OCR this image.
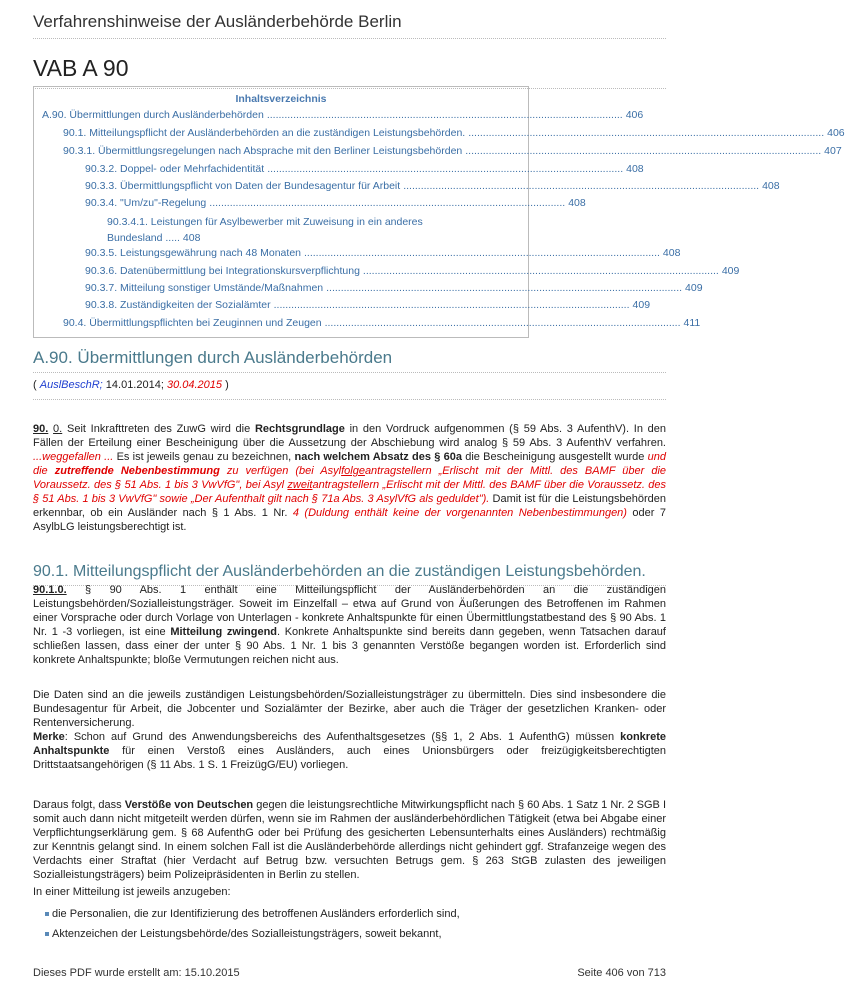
Verfahrenshinweise der Ausländerbehörde Berlin
VAB A 90
Inhaltsverzeichnis
A.90. Übermittlungen durch Ausländerbehörden .......................................................................................................................... 406
90.1. Mitteilungspflicht der Ausländerbehörden an die zuständigen Leistungsbehörden. .......................................................................................................................... 406
90.3.1. Übermittlungsregelungen nach Absprache mit den Berliner Leistungsbehörden .......................................................................................................................... 407
90.3.2. Doppel- oder Mehrfachidentität .......................................................................................................................... 408
90.3.3. Übermittlungspflicht von Daten der Bundesagentur für Arbeit .......................................................................................................................... 408
90.3.4. "Um/zu"-Regelung .......................................................................................................................... 408
90.3.4.1. Leistungen für Asylbewerber mit Zuweisung in ein anderes Bundesland ..... 408
90.3.5. Leistungsgewährung nach 48 Monaten .......................................................................................................................... 408
90.3.6. Datenübermittlung bei Integrationskursverpflichtung .......................................................................................................................... 409
90.3.7. Mitteilung sonstiger Umstände/Maßnahmen .......................................................................................................................... 409
90.3.8. Zuständigkeiten der Sozialämter .......................................................................................................................... 409
90.4. Übermittlungspflichten bei Zeuginnen und Zeugen .......................................................................................................................... 411
A.90. Übermittlungen durch Ausländerbehörden
( AuslBeschR; 14.01.2014; 30.04.2015 )
90. 0. Seit Inkrafttreten des ZuwG wird die Rechtsgrundlage in den Vordruck aufgenommen (§ 59 Abs. 3 AufenthV). In den Fällen der Erteilung einer Bescheinigung über die Aussetzung der Abschiebung wird analog § 59 Abs. 3 AufenthV verfahren. ...weggefallen ... Es ist jeweils genau zu bezeichnen, nach welchem Absatz des § 60a die Bescheinigung ausgestellt wurde und die zutreffende Nebenbestimmung zu verfügen (bei Asylfolgeantragstellern „Erlischt mit der Mittl. des BAMF über die Voraussetz. des § 51 Abs. 1 bis 3 VwVfG", bei Asyl zweitantragstellern „Erlischt mit der Mittl. des BAMF über die Voraussetz. des § 51 Abs. 1 bis 3 VwVfG" sowie „Der Aufenthalt gilt nach § 71a Abs. 3 AsylVfG als geduldet"). Damit ist für die Leistungsbehörden erkennbar, ob ein Ausländer nach § 1 Abs. 1 Nr. 4 (Duldung enthält keine der vorgenannten Nebenbestimmungen) oder 7 AsylbLG leistungsberechtigt ist.
90.1. Mitteilungspflicht der Ausländerbehörden an die zuständigen Leistungsbehörden.
90.1.0. § 90 Abs. 1 enthält eine Mitteilungspflicht der Ausländerbehörden an die zuständigen Leistungsbehörden/Sozialleistungsträger. Soweit im Einzelfall – etwa auf Grund von Äußerungen des Betroffenen im Rahmen einer Vorsprache oder durch Vorlage von Unterlagen - konkrete Anhaltspunkte für einen Übermittlungstatbestand des § 90 Abs. 1 Nr. 1 -3 vorliegen, ist eine Mitteilung zwingend. Konkrete Anhaltspunkte sind bereits dann gegeben, wenn Tatsachen darauf schließen lassen, dass einer der unter § 90 Abs. 1 Nr. 1 bis 3 genannten Verstöße begangen worden ist. Erforderlich sind konkrete Anhaltspunkte; bloße Vermutungen reichen nicht aus.
Die Daten sind an die jeweils zuständigen Leistungsbehörden/Sozialleistungsträger zu übermitteln. Dies sind insbesondere die Bundesagentur für Arbeit, die Jobcenter und Sozialämter der Bezirke, aber auch die Träger der gesetzlichen Kranken- oder Rentenversicherung.
Merke: Schon auf Grund des Anwendungsbereichs des Aufenthaltsgesetzes (§§ 1, 2 Abs. 1 AufenthG) müssen konkrete Anhaltspunkte für einen Verstoß eines Ausländers, auch eines Unionsbürgers oder freizügigkeitsberechtigten Drittstaatsangehörigen (§ 11 Abs. 1 S. 1 FreizügG/EU) vorliegen.
Daraus folgt, dass Verstöße von Deutschen gegen die leistungsrechtliche Mitwirkungspflicht nach § 60 Abs. 1 Satz 1 Nr. 2 SGB I somit auch dann nicht mitgeteilt werden dürfen, wenn sie im Rahmen der ausländerbehördlichen Tätigkeit (etwa bei Abgabe einer Verpflichtungserklärung gem. § 68 AufenthG oder bei Prüfung des gesicherten Lebensunterhalts eines Ausländers) rechtmäßig zur Kenntnis gelangt sind. In einem solchen Fall ist die Ausländerbehörde allerdings nicht gehindert ggf. Strafanzeige wegen des Verdachts einer Straftat (hier Verdacht auf Betrug bzw. versuchten Betrugs gem. § 263 StGB zulasten des jeweiligen Sozialleistungsträgers) beim Polizeipräsidenten in Berlin zu stellen.
In einer Mitteilung ist jeweils anzugeben:
die Personalien, die zur Identifizierung des betroffenen Ausländers erforderlich sind,
Aktenzeichen der Leistungsbehörde/des Sozialleistungsträgers, soweit bekannt,
Dieses PDF wurde erstellt am: 15.10.2015	Seite 406 von 713
